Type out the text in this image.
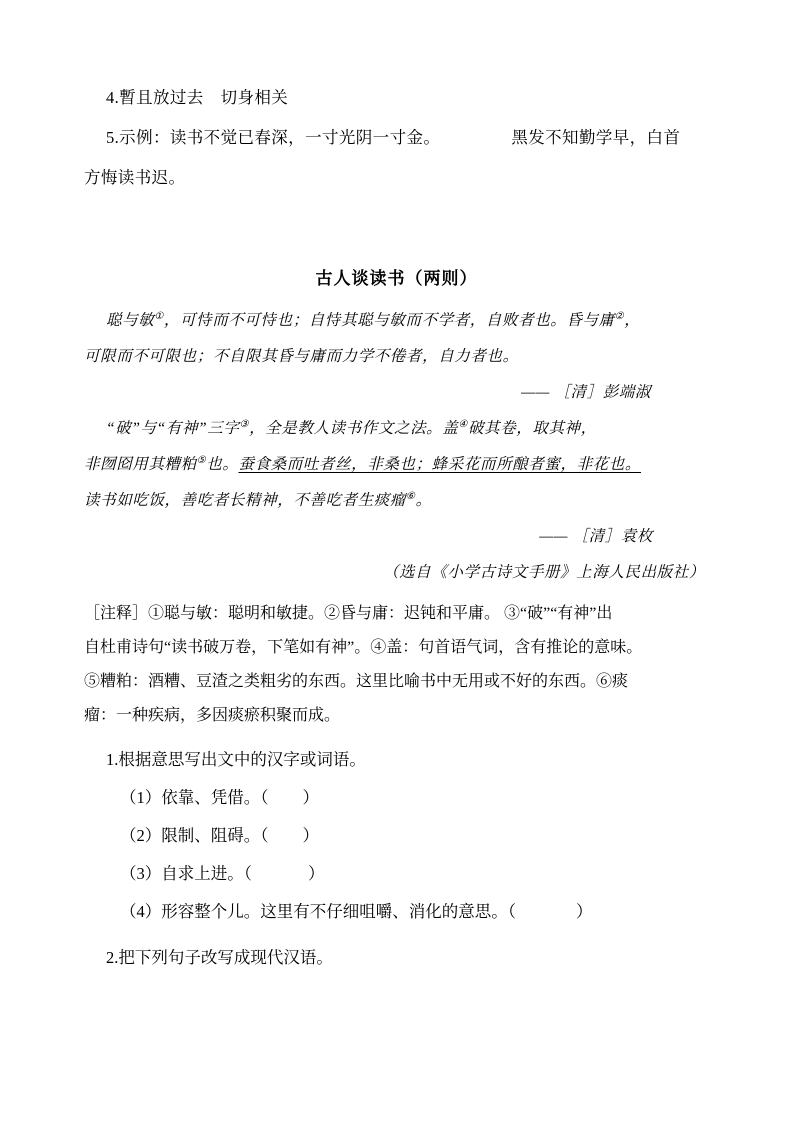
4.暫且放过去　切身相关
5.示例：读书不觉已春深，一寸光阴一寸金。	黑发不知勤学早，白首
方悔读书迟。
古人谈读书（两则）
聪与敏①，可恃而不可恃也；自恃其聪与敏而不学者，自败者也。昏与庸②，
可限而不可限也；不自限其昏与庸而力学不倦者，自力者也。
—— ［清］彭端淑
“破”与“有神”三字③，全是教人读书作文之法。盖④破其卷，取其神，
非囫囵用其糟粕⑤也。蚕食桑而吐者丝，非桑也；蜂采花而所酿者蜜，非花也。
读书如吃饭，善吃者长精神，不善吃者生痰瘤⑥。
—— ［清］袁枚
（选自《小学古诗文手册》上海人民出版社）
［注释］①聪与敏：聪明和敏捷。②昏与庸：迟钝和平庸。 ③“破”“有神”出
自杜甫诗句“读书破万卷，下笔如有神”。④盖：句首语气词，含有推论的意味。
⑤糟粕：酒糟、豆渣之类粗劣的东西。这里比喻书中无用或不好的东西。⑥痰
瘤：一种疾病，多因痰瘀积聚而成。
1.根据意思写出文中的汉字或词语。
（1）依靠、凭借。（ ）
（2）限制、阻碍。（ ）
（3）自求上进。（	）
（4）形容整个儿。这里有不仔细咀嚼、消化的意思。（	）
2.把下列句子改写成现代汉语。
